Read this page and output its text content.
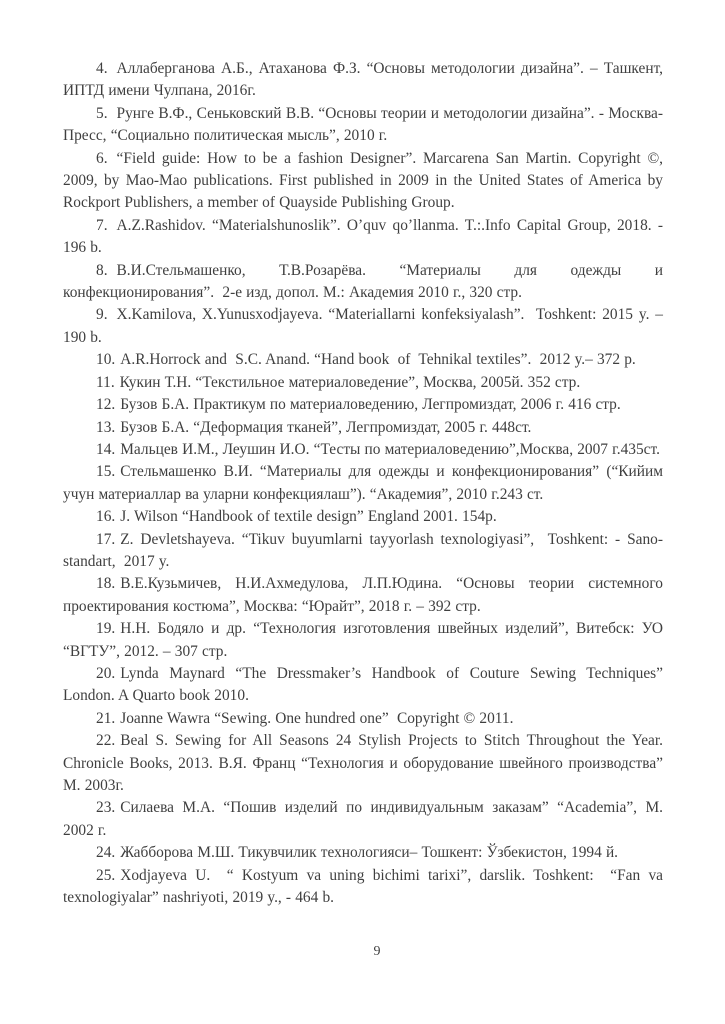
4. Аллаберганова А.Б., Атаханова Ф.З. “Основы методологии дизайна”. – Ташкент, ИПТД имени Чулпана, 2016г.

5. Рунге В.Ф., Сеньковский В.В. “Основы теории и методологии дизайна”. - Москва-Пресс, “Социально политическая мысль”, 2010 г.

6. “Field guide: How to be a fashion Designer”. Marcarena San Martin. Copyright ©, 2009, by Mao-Mao publications. First published in 2009 in the United States of America by Rockport Publishers, a member of Quayside Publishing Group.

7. A.Z.Rashidov. “Materialshunoslik”. O’quv qo’llanma. T.:.Info Capital Group, 2018. - 196 b.

8. В.И.Стельмашенко, Т.В.Розарёва. “Материалы для одежды и конфекционирования”.  2-е изд, допол. М.: Академия 2010 г., 320 стр.

9. X.Kamilova, X.Yunusxodjayeva. “Materiallarni konfeksiyalash”.  Toshkent: 2015 y. – 190 b.

10. A.R.Horrock and  S.C. Anand. “Hand book  of  Tehnikal textiles”.  2012 y.– 372 p.

11. Кукин Т.Н. “Текстильное материаловедение”, Москва, 2005й. 352 стр.

12. Бузов Б.А. Практикум по материаловедению, Легпромиздат, 2006 г. 416 стр.

13. Бузов Б.А. “Деформация тканей”, Легпромиздат, 2005 г. 448ст.

14. Мальцев И.М., Леушин И.О. “Тесты по материаловедению”,Москва, 2007 г.435ст.

15. Стельмашенко В.И. “Материалы для одежды и конфекционирования” (“Кийим учун материаллар ва уларни конфекциялаш”). “Академия”, 2010 г.243 ст.

16. J. Wilson “Handbook of textile design” England 2001. 154p.

17. Z. Devletshayeva. “Tikuv buyumlarni tayyorlash texnologiyasi”,  Toshkent: - Sano-standart,  2017 y.

18. В.Е.Кузьмичев, Н.И.Ахмедулова, Л.П.Юдина. “Основы теории системного проектирования костюма”, Москва: “Юрайт”, 2018 г. – 392 стр.

19. Н.Н. Бодяло и др. “Технология изготовления швейных изделий”, Витебск: УО “ВГТУ”, 2012. – 307 стр.

20. Lynda Maynard “The Dressmaker’s Handbook of Couture Sewing Techniques” London. A Quarto book 2010.

21. Joanne Wawra “Sewing. One hundred one”  Copyright © 2011.

22. Beal S. Sewing for All Seasons 24 Stylish Projects to Stitch Throughout the Year. Chronicle Books, 2013. В.Я. Франц “Технология и оборудование швейного производства” М. 2003г.

23. Силаева М.А. “Пошив изделий по индивидуальным заказам” “Academia”, М. 2002 г.

24. Жабборова М.Ш. Тикувчилик технологияси– Тошкент: Ўзбекистон, 1994 й.

25. Xodjayeva U.  “ Kostyum va uning bichimi tarixi”, darslik. Toshkent:  “Fan va texnologiyalar” nashriyoti, 2019 y., - 464 b.

9
